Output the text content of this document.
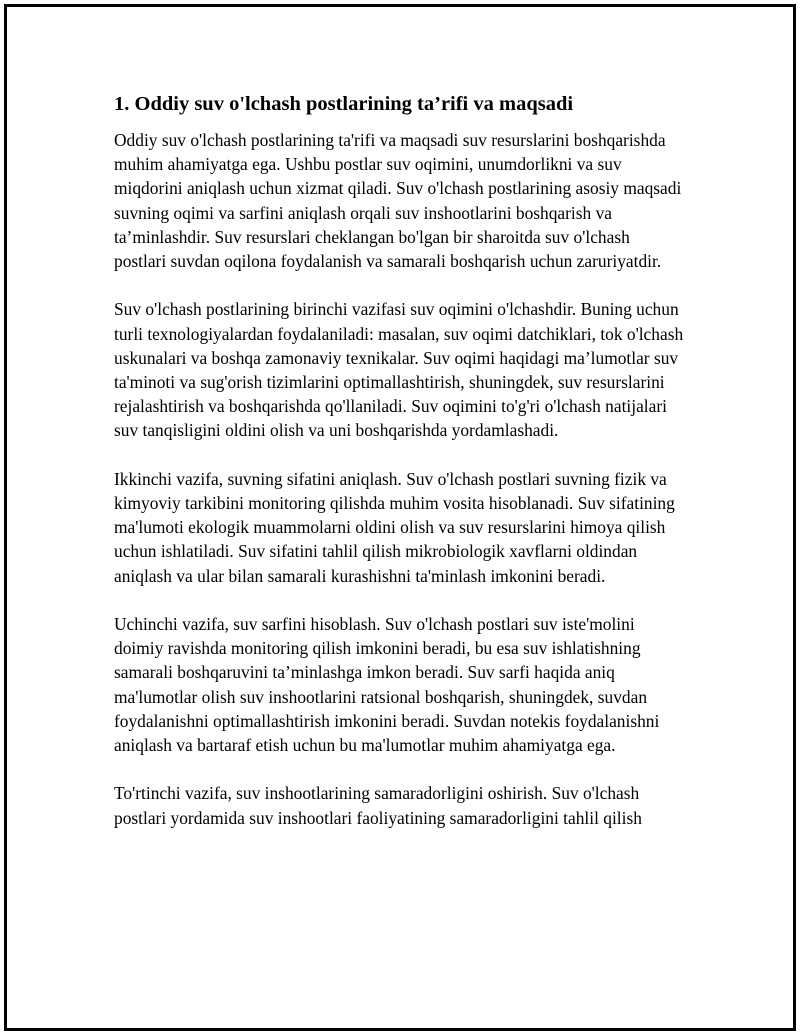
1. Oddiy suv o'lchash postlarining ta’rifi va maqsadi

Oddiy suv o'lchash postlarining ta'rifi va maqsadi suv resurslarini boshqarishda muhim ahamiyatga ega. Ushbu postlar suv oqimini, unumdorlikni va suv miqdorini aniqlash uchun xizmat qiladi. Suv o'lchash postlarining asosiy maqsadi suvning oqimi va sarfini aniqlash orqali suv inshootlarini boshqarish va ta’minlashdir. Suv resurslari cheklangan bo'lgan bir sharoitda suv o'lchash postlari suvdan oqilona foydalanish va samarali boshqarish uchun zaruriyatdir.

Suv o'lchash postlarining birinchi vazifasi suv oqimini o'lchashdir. Buning uchun turli texnologiyalardan foydalaniladi: masalan, suv oqimi datchiklari, tok o'lchash uskunalari va boshqa zamonaviy texnikalar. Suv oqimi haqidagi ma’lumotlar suv ta'minoti va sug'orish tizimlarini optimallashtirish, shuningdek, suv resurslarini rejalashtirish va boshqarishda qo'llaniladi. Suv oqimini to'g'ri o'lchash natijalari suv tanqisligini oldini olish va uni boshqarishda yordamlashadi.

Ikkinchi vazifa, suvning sifatini aniqlash. Suv o'lchash postlari suvning fizik va kimyoviy tarkibini monitoring qilishda muhim vosita hisoblanadi. Suv sifatining ma'lumoti ekologik muammolarni oldini olish va suv resurslarini himoya qilish uchun ishlatiladi. Suv sifatini tahlil qilish mikrobiologik xavflarni oldindan aniqlash va ular bilan samarali kurashishni ta'minlash imkonini beradi.

Uchinchi vazifa, suv sarfini hisoblash. Suv o'lchash postlari suv iste'molini doimiy ravishda monitoring qilish imkonini beradi, bu esa suv ishlatishning samarali boshqaruvini ta’minlashga imkon beradi. Suv sarfi haqida aniq ma'lumotlar olish suv inshootlarini ratsional boshqarish, shuningdek, suvdan foydalanishni optimallashtirish imkonini beradi. Suvdan notekis foydalanishni aniqlash va bartaraf etish uchun bu ma'lumotlar muhim ahamiyatga ega.

To'rtinchi vazifa, suv inshootlarining samaradorligini oshirish. Suv o'lchash postlari yordamida suv inshootlari faoliyatining samaradorligini tahlil qilish
